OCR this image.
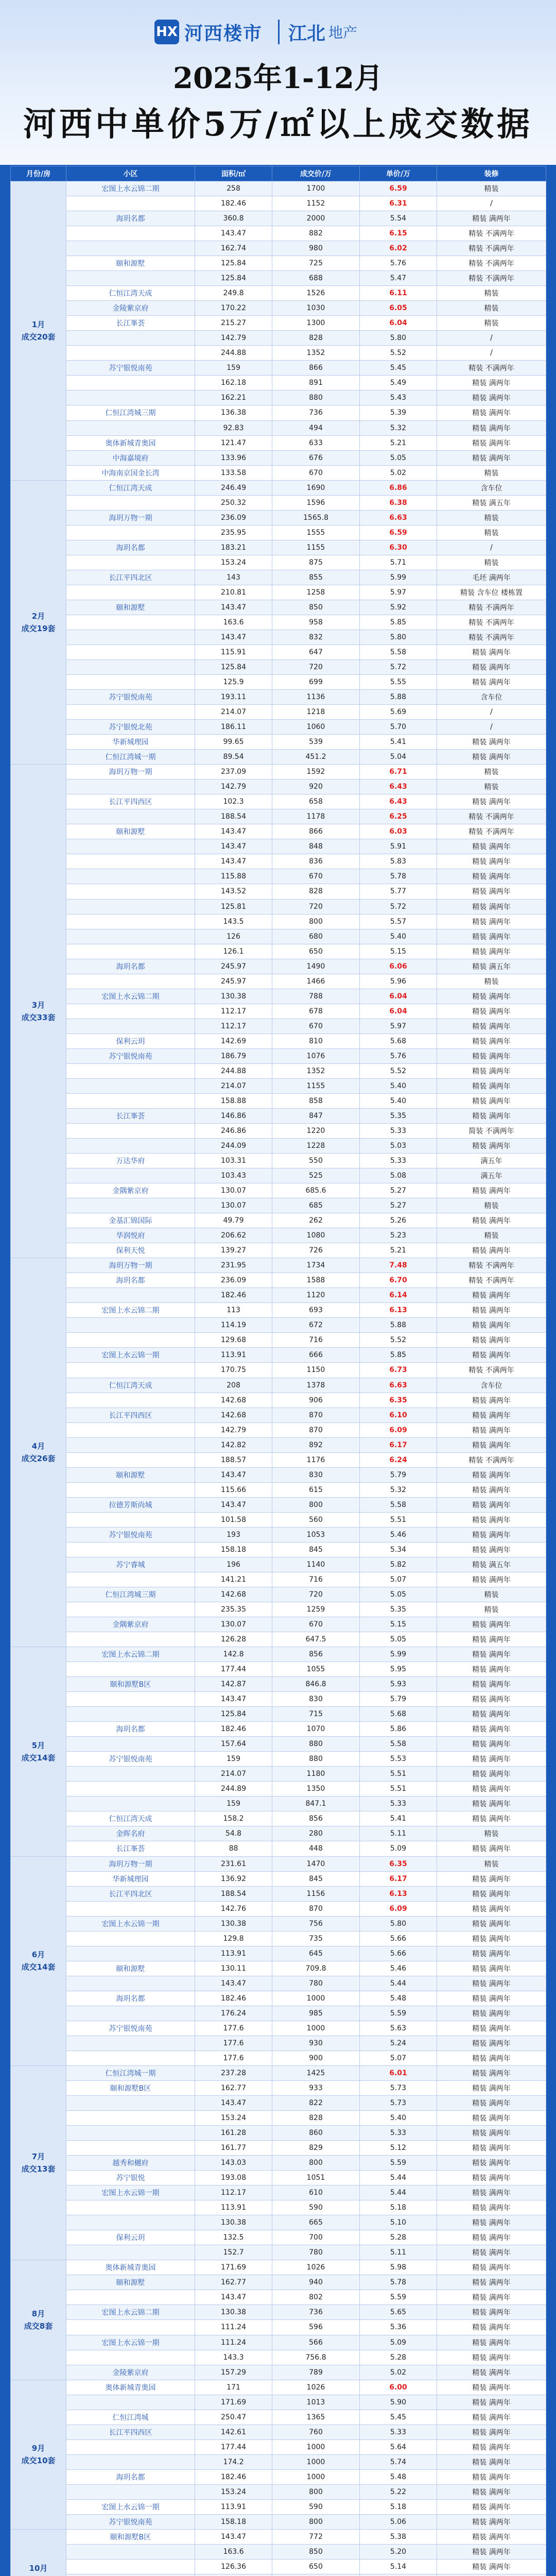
HX 河西楼市 江北 地产
2025年1-12月
河西中单价5万/㎡以上成交数据
月份/房	小区	面积/㎡	成交价/万	单价/万	装修
1月
成交20套	宏图上水云锦二期	258	1700	6.59	精装
		182.46	1152	6.31	/
	海玥名都	360.8	2000	5.54	精装 满两年
		143.47	882	6.15	精装 不满两年
		162.74	980	6.02	精装 不满两年
	颐和源墅	125.84	725	5.76	精装 不满两年
		125.84	688	5.47	精装 不满两年
	仁恒江湾天成	249.8	1526	6.11	精装
	金陵紫京府	170.22	1030	6.05	精装
	长江峯荟	215.27	1300	6.04	精装
		142.79	828	5.80	/
		244.88	1352	5.52	/
	苏宁银悦南苑	159	866	5.45	精装 不满两年
		162.18	891	5.49	精装 满两年
		162.21	880	5.43	精装 满两年
	仁恒江湾城三期	136.38	736	5.39	精装 满两年
		92.83	494	5.32	精装 满两年
	奥体新城青奥园	121.47	633	5.21	精装 满两年
	中海嘉境府	133.96	676	5.05	精装 满两年
	中海南京国金长湾	133.58	670	5.02	精装
2月
成交19套	仁恒江湾天成	246.49	1690	6.86	含车位
		250.32	1596	6.38	精装 满五年
	海玥万物一期	236.09	1565.8	6.63	精装
		235.95	1555	6.59	精装
	海玥名都	183.21	1155	6.30	/
		153.24	875	5.71	精装
	长江平四北区	143	855	5.99	毛坯 满两年
		210.81	1258	5.97	精装 含车位 楼栋置
	颐和源墅	143.47	850	5.92	精装 不满两年
		163.6	958	5.85	精装 不满两年
		143.47	832	5.80	精装 不满两年
		115.91	647	5.58	精装 满两年
		125.84	720	5.72	精装 满两年
		125.9	699	5.55	精装 满两年
	苏宁银悦南苑	193.11	1136	5.88	含车位
		214.07	1218	5.69	/
	苏宁银悦北苑	186.11	1060	5.70	/
	华新城理园	99.65	539	5.41	精装 满两年
	仁恒江湾城一期	89.54	451.2	5.04	精装 满两年
3月
成交33套	海玥万物一期	237.09	1592	6.71	精装
		142.79	920	6.43	精装
	长江平四西区	102.3	658	6.43	精装 满两年
		188.54	1178	6.25	精装 不满两年
	颐和源墅	143.47	866	6.03	精装 不满两年
		143.47	848	5.91	精装 满两年
		143.47	836	5.83	精装 满两年
		115.88	670	5.78	精装 满两年
		143.52	828	5.77	精装 满两年
		125.81	720	5.72	精装 满两年
		143.5	800	5.57	精装 满两年
		126	680	5.40	精装 满两年
		126.1	650	5.15	精装 满两年
	海玥名都	245.97	1490	6.06	精装 满五年
		245.97	1466	5.96	精装
	宏图上水云锦二期	130.38	788	6.04	精装 满两年
		112.17	678	6.04	精装 满两年
		112.17	670	5.97	精装 满两年
	保利云玥	142.69	810	5.68	精装 满两年
	苏宁银悦南苑	186.79	1076	5.76	精装 满两年
		244.88	1352	5.52	精装 满两年
		214.07	1155	5.40	精装 满两年
		158.88	858	5.40	精装 满两年
	长江峯荟	146.86	847	5.35	精装 满两年
		246.86	1220	5.33	简装 不满两年
		244.09	1228	5.03	精装 满两年
	万达华府	103.31	550	5.33	满五年
		103.43	525	5.08	满五年
	金隅紫京府	130.07	685.6	5.27	精装 满两年
		130.07	685	5.27	精装
	金基汇锦国际	49.79	262	5.26	精装 满两年
	华润悦府	206.62	1080	5.23	精装
	保利天悦	139.27	726	5.21	精装 满两年
4月
成交26套	海玥万物一期	231.95	1734	7.48	精装 不满两年
	海玥名都	236.09	1588	6.70	精装 不满两年
		182.46	1120	6.14	精装 满两年
	宏图上水云锦二期	113	693	6.13	精装 满两年
		114.19	672	5.88	精装 满两年
		129.68	716	5.52	精装 满两年
	宏图上水云锦一期	113.91	666	5.85	精装 满两年
		170.75	1150	6.73	精装 不满两年
	仁恒江湾天成	208	1378	6.63	含车位
		142.68	906	6.35	精装 满两年
	长江平四西区	142.68	870	6.10	精装 满两年
		142.79	870	6.09	精装 满两年
		142.82	892	6.17	精装 满两年
		188.57	1176	6.24	精装 不满两年
	颐和源墅	143.47	830	5.79	精装 满两年
		115.66	615	5.32	精装 满两年
	拉德芳斯尚城	143.47	800	5.58	精装 满两年
		101.58	560	5.51	精装 满两年
	苏宁银悦南苑	193	1053	5.46	精装 满两年
		158.18	845	5.34	精装 满两年
	苏宁睿城	196	1140	5.82	精装 满五年
		141.21	716	5.07	精装 满两年
	仁恒江湾城三期	142.68	720	5.05	精装
		235.35	1259	5.35	精装
	金隅紫京府	130.07	670	5.15	精装 满两年
		126.28	647.5	5.05	精装 满两年
5月
成交14套	宏图上水云锦二期	142.8	856	5.99	精装 满两年
		177.44	1055	5.95	精装 满两年
	颐和源墅B区	142.87	846.8	5.93	精装 满两年
		143.47	830	5.79	精装 满两年
		125.84	715	5.68	精装 满两年
	海玥名都	182.46	1070	5.86	精装 满两年
		157.64	880	5.58	精装 满两年
	苏宁银悦南苑	159	880	5.53	精装 满两年
		214.07	1180	5.51	精装 满两年
		244.89	1350	5.51	精装 满两年
		159	847.1	5.33	精装 满两年
	仁恒江湾天成	158.2	856	5.41	精装 满两年
	金晖名府	54.8	280	5.11	精装
	长江峯荟	88	448	5.09	精装 满两年
6月
成交14套	海玥万物一期	231.61	1470	6.35	精装
	华新城理园	136.92	845	6.17	精装 满两年
	长江平四北区	188.54	1156	6.13	精装 满两年
		142.76	870	6.09	精装 满两年
	宏图上水云锦一期	130.38	756	5.80	精装 满两年
		129.8	735	5.66	精装 满两年
		113.91	645	5.66	精装 满两年
	颐和源墅	130.11	709.8	5.46	精装 满两年
		143.47	780	5.44	精装 满两年
	海玥名都	182.46	1000	5.48	精装 满两年
		176.24	985	5.59	精装 满两年
	苏宁银悦南苑	177.6	1000	5.63	精装 满两年
		177.6	930	5.24	精装 满两年
		177.6	900	5.07	精装 满两年
7月
成交13套	仁恒江湾城一期	237.28	1425	6.01	精装 满两年
	颐和源墅B区	162.77	933	5.73	精装 满两年
		143.47	822	5.73	精装 满两年
		153.24	828	5.40	精装 满两年
		161.28	860	5.33	精装 满两年
		161.77	829	5.12	精装 满两年
	越秀和樾府	143.03	800	5.59	精装 满两年
	苏宁银悦	193.08	1051	5.44	精装 满两年
	宏图上水云锦一期	112.17	610	5.44	精装 满两年
		113.91	590	5.18	精装 满两年
		130.38	665	5.10	精装 满两年
	保利云玥	132.5	700	5.28	精装 满两年
		152.7	780	5.11	精装 满两年
8月
成交8套	奥体新城青奥园	171.69	1026	5.98	精装 满两年
	颐和源墅	162.77	940	5.78	精装 满两年
		143.47	802	5.59	精装 满两年
	宏图上水云锦二期	130.38	736	5.65	精装 满两年
		111.24	596	5.36	精装 满两年
	宏图上水云锦一期	111.24	566	5.09	精装 满两年
		143.3	756.8	5.28	精装 满两年
	金陵紫京府	157.29	789	5.02	精装 满两年
9月
成交10套	奥体新城青奥园	171	1026	6.00	精装 满两年
		171.69	1013	5.90	精装 满两年
	仁恒江湾城	250.47	1365	5.45	精装 满两年
	长江平四西区	142.61	760	5.33	精装 满两年
		177.44	1000	5.64	精装 满两年
		174.2	1000	5.74	精装 满两年
	海玥名都	182.46	1000	5.48	精装 满两年
		153.24	800	5.22	精装 满两年
	宏图上水云锦一期	113.91	590	5.18	精装 满两年
	苏宁银悦南苑	158.18	800	5.06	精装 满两年
10月	颐和源墅B区	143.47	772	5.38	精装 满两年
		163.6	850	5.20	精装 满两年
		126.36	650	5.14	精装 满两年
